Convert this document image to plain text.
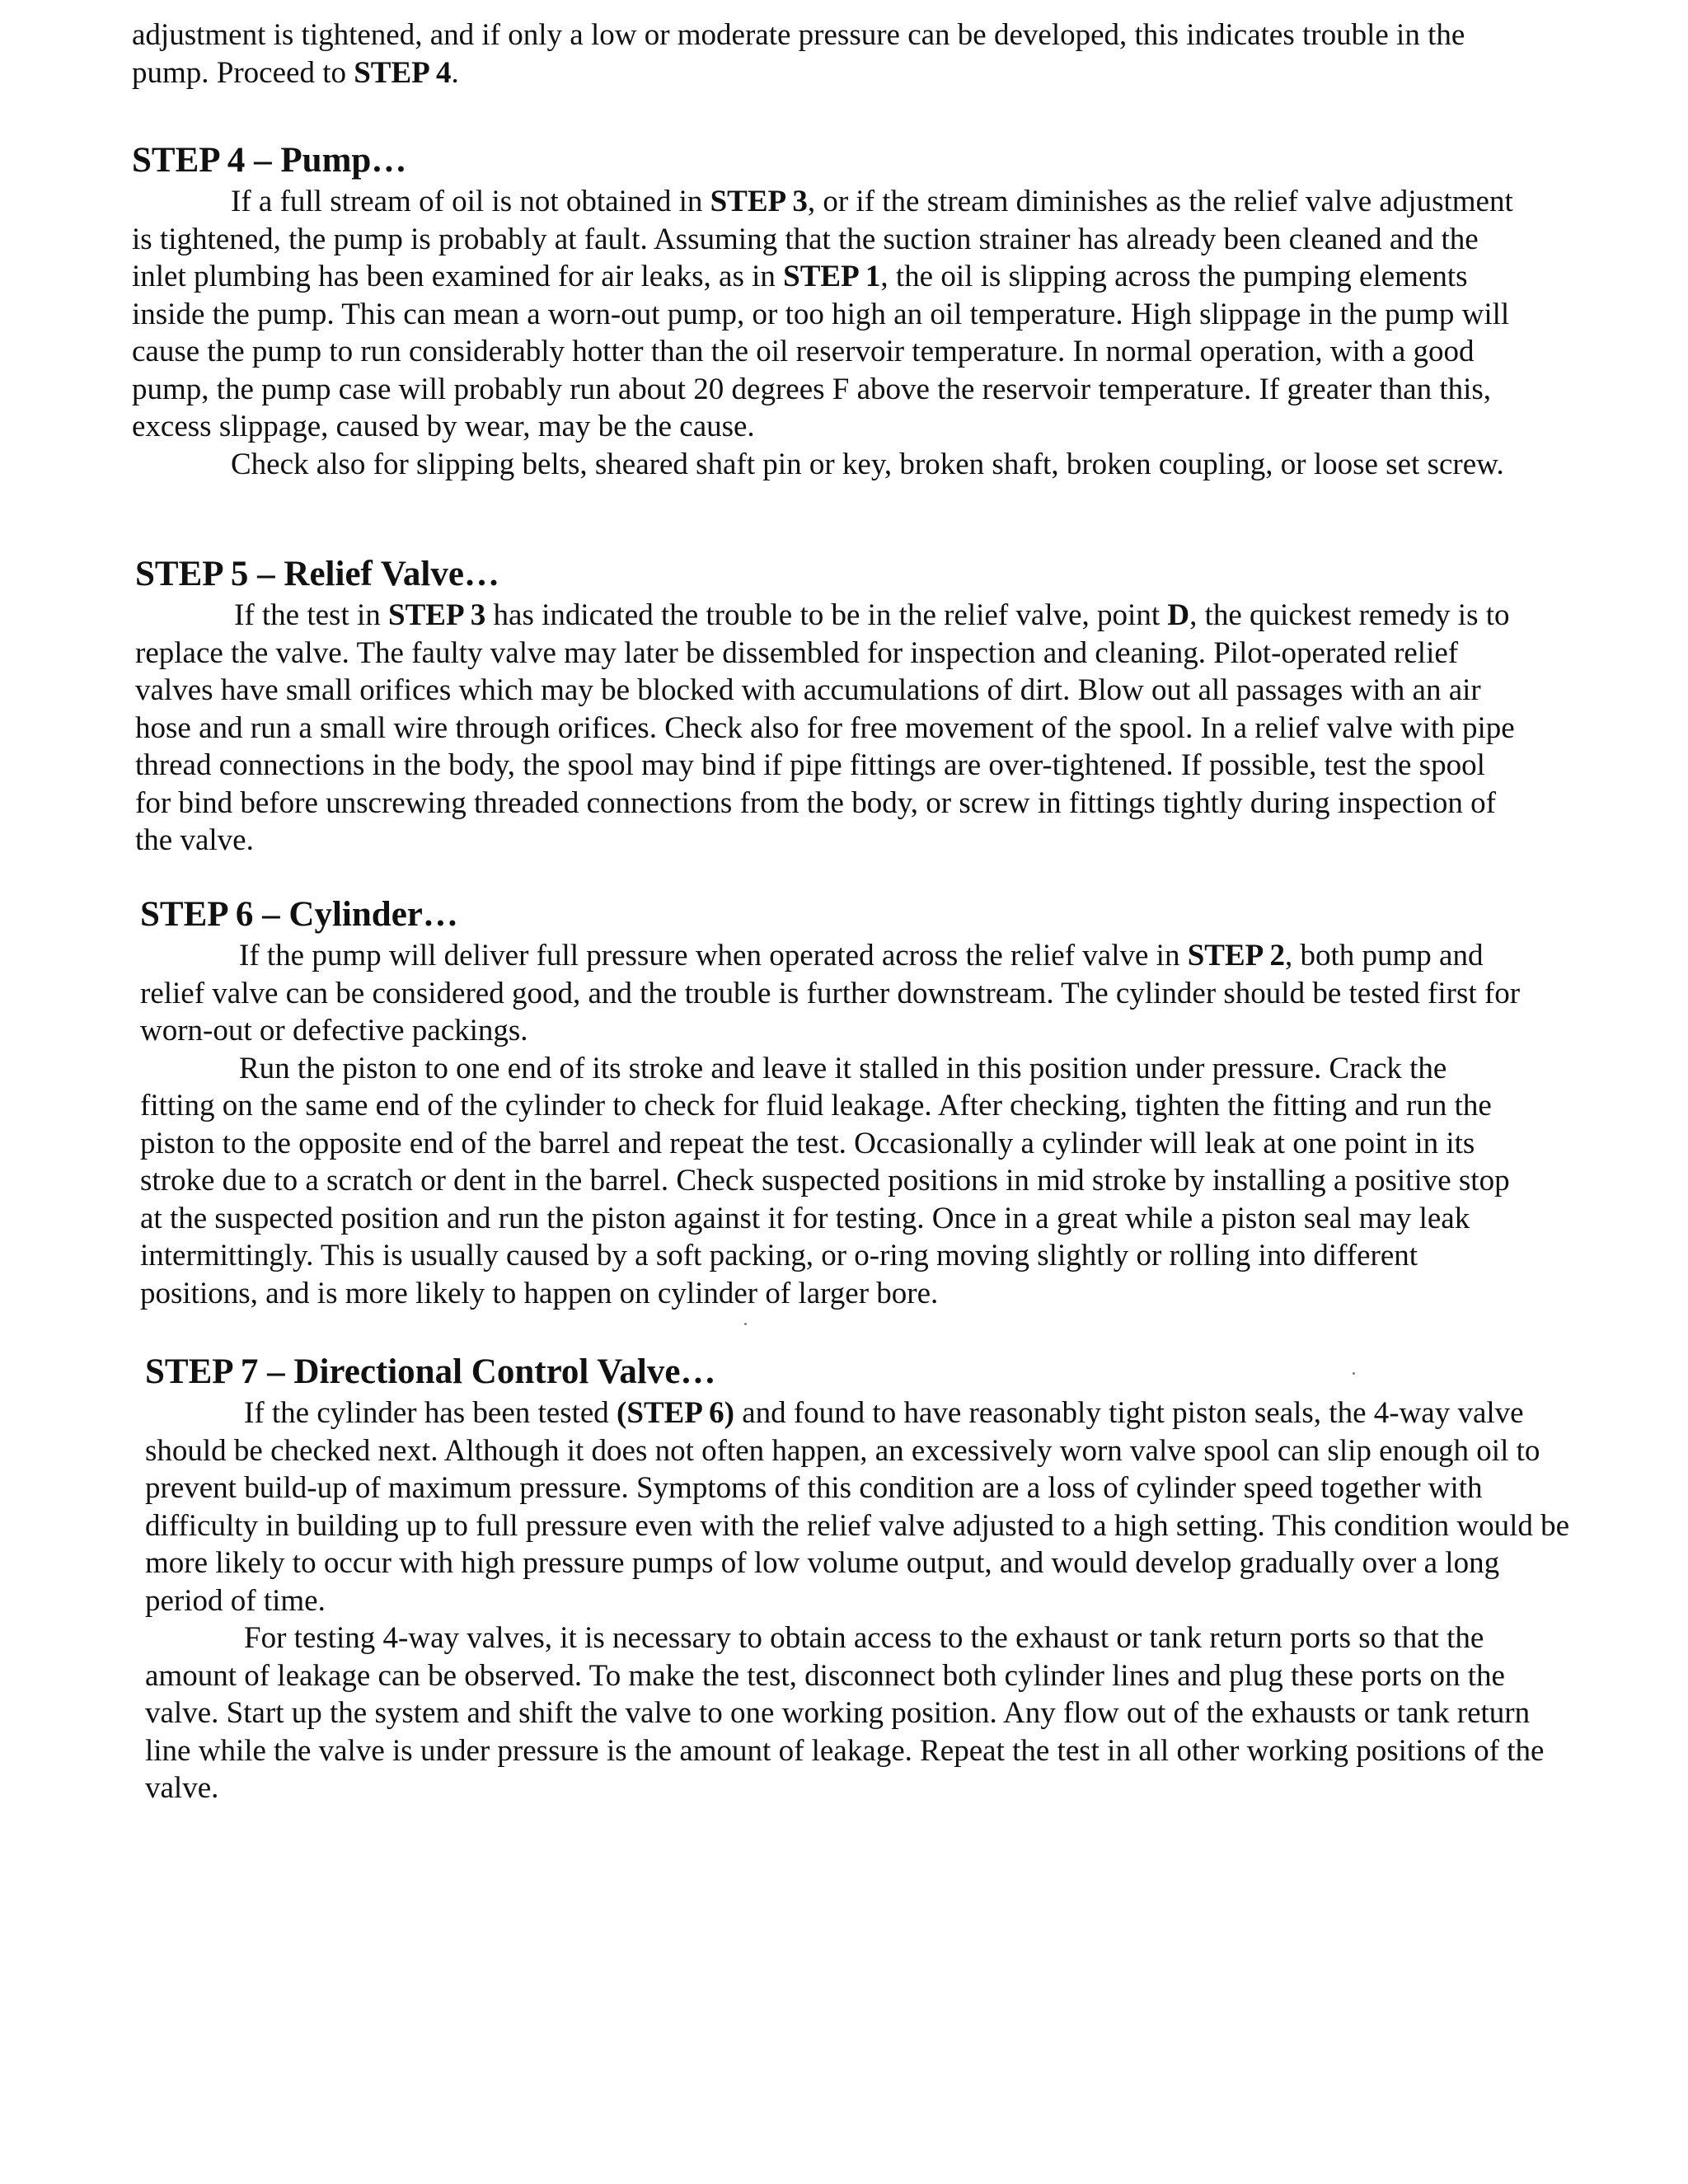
adjustment is tightened, and if only a low or moderate pressure can be developed, this indicates trouble in the pump. Proceed to STEP 4.

STEP 4 – Pump…

If a full stream of oil is not obtained in STEP 3, or if the stream diminishes as the relief valve adjustment is tightened, the pump is probably at fault. Assuming that the suction strainer has already been cleaned and the inlet plumbing has been examined for air leaks, as in STEP 1, the oil is slipping across the pumping elements inside the pump. This can mean a worn-out pump, or too high an oil temperature. High slippage in the pump will cause the pump to run considerably hotter than the oil reservoir temperature. In normal operation, with a good pump, the pump case will probably run about 20 degrees F above the reservoir temperature. If greater than this, excess slippage, caused by wear, may be the cause.

Check also for slipping belts, sheared shaft pin or key, broken shaft, broken coupling, or loose set screw.

STEP 5 – Relief Valve…

If the test in STEP 3 has indicated the trouble to be in the relief valve, point D, the quickest remedy is to replace the valve. The faulty valve may later be dissembled for inspection and cleaning. Pilot-operated relief valves have small orifices which may be blocked with accumulations of dirt. Blow out all passages with an air hose and run a small wire through orifices. Check also for free movement of the spool. In a relief valve with pipe thread connections in the body, the spool may bind if pipe fittings are over-tightened. If possible, test the spool for bind before unscrewing threaded connections from the body, or screw in fittings tightly during inspection of the valve.

STEP 6 – Cylinder…

If the pump will deliver full pressure when operated across the relief valve in STEP 2, both pump and relief valve can be considered good, and the trouble is further downstream. The cylinder should be tested first for worn-out or defective packings.

Run the piston to one end of its stroke and leave it stalled in this position under pressure. Crack the fitting on the same end of the cylinder to check for fluid leakage. After checking, tighten the fitting and run the piston to the opposite end of the barrel and repeat the test. Occasionally a cylinder will leak at one point in its stroke due to a scratch or dent in the barrel. Check suspected positions in mid stroke by installing a positive stop at the suspected position and run the piston against it for testing. Once in a great while a piston seal may leak intermittingly. This is usually caused by a soft packing, or o-ring moving slightly or rolling into different positions, and is more likely to happen on cylinder of larger bore.

STEP 7 – Directional Control Valve…

If the cylinder has been tested (STEP 6) and found to have reasonably tight piston seals, the 4-way valve should be checked next. Although it does not often happen, an excessively worn valve spool can slip enough oil to prevent build-up of maximum pressure. Symptoms of this condition are a loss of cylinder speed together with difficulty in building up to full pressure even with the relief valve adjusted to a high setting. This condition would be more likely to occur with high pressure pumps of low volume output, and would develop gradually over a long period of time.

For testing 4-way valves, it is necessary to obtain access to the exhaust or tank return ports so that the amount of leakage can be observed. To make the test, disconnect both cylinder lines and plug these ports on the valve. Start up the system and shift the valve to one working position. Any flow out of the exhausts or tank return line while the valve is under pressure is the amount of leakage. Repeat the test in all other working positions of the valve.
